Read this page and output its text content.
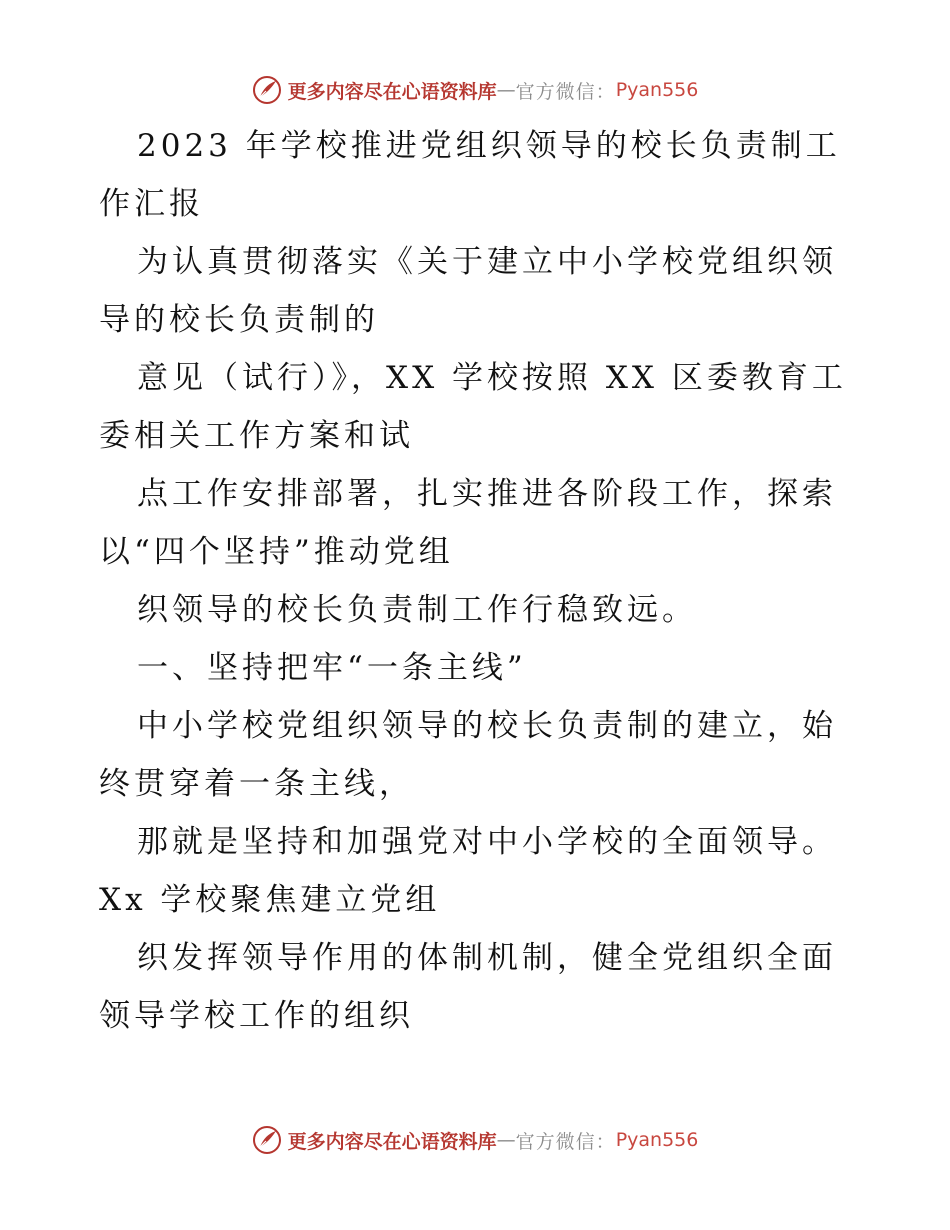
更多内容尽在心语资料库 — 官方微信： Pyan556

2023 年学校推进党组织领导的校长负责制工作汇报

为认真贯彻落实《关于建立中小学校党组织领导的校长负责制的

意见（试行）》，XX 学校按照 XX 区委教育工委相关工作方案和试

点工作安排部署，扎实推进各阶段工作，探索以“四个坚持”推动党组

织领导的校长负责制工作行稳致远。

一、坚持把牢“一条主线”

中小学校党组织领导的校长负责制的建立，始终贯穿着一条主线，

那就是坚持和加强党对中小学校的全面领导。Xx 学校聚焦建立党组

织发挥领导作用的体制机制，健全党组织全面领导学校工作的组织

更多内容尽在心语资料库 — 官方微信： Pyan556
